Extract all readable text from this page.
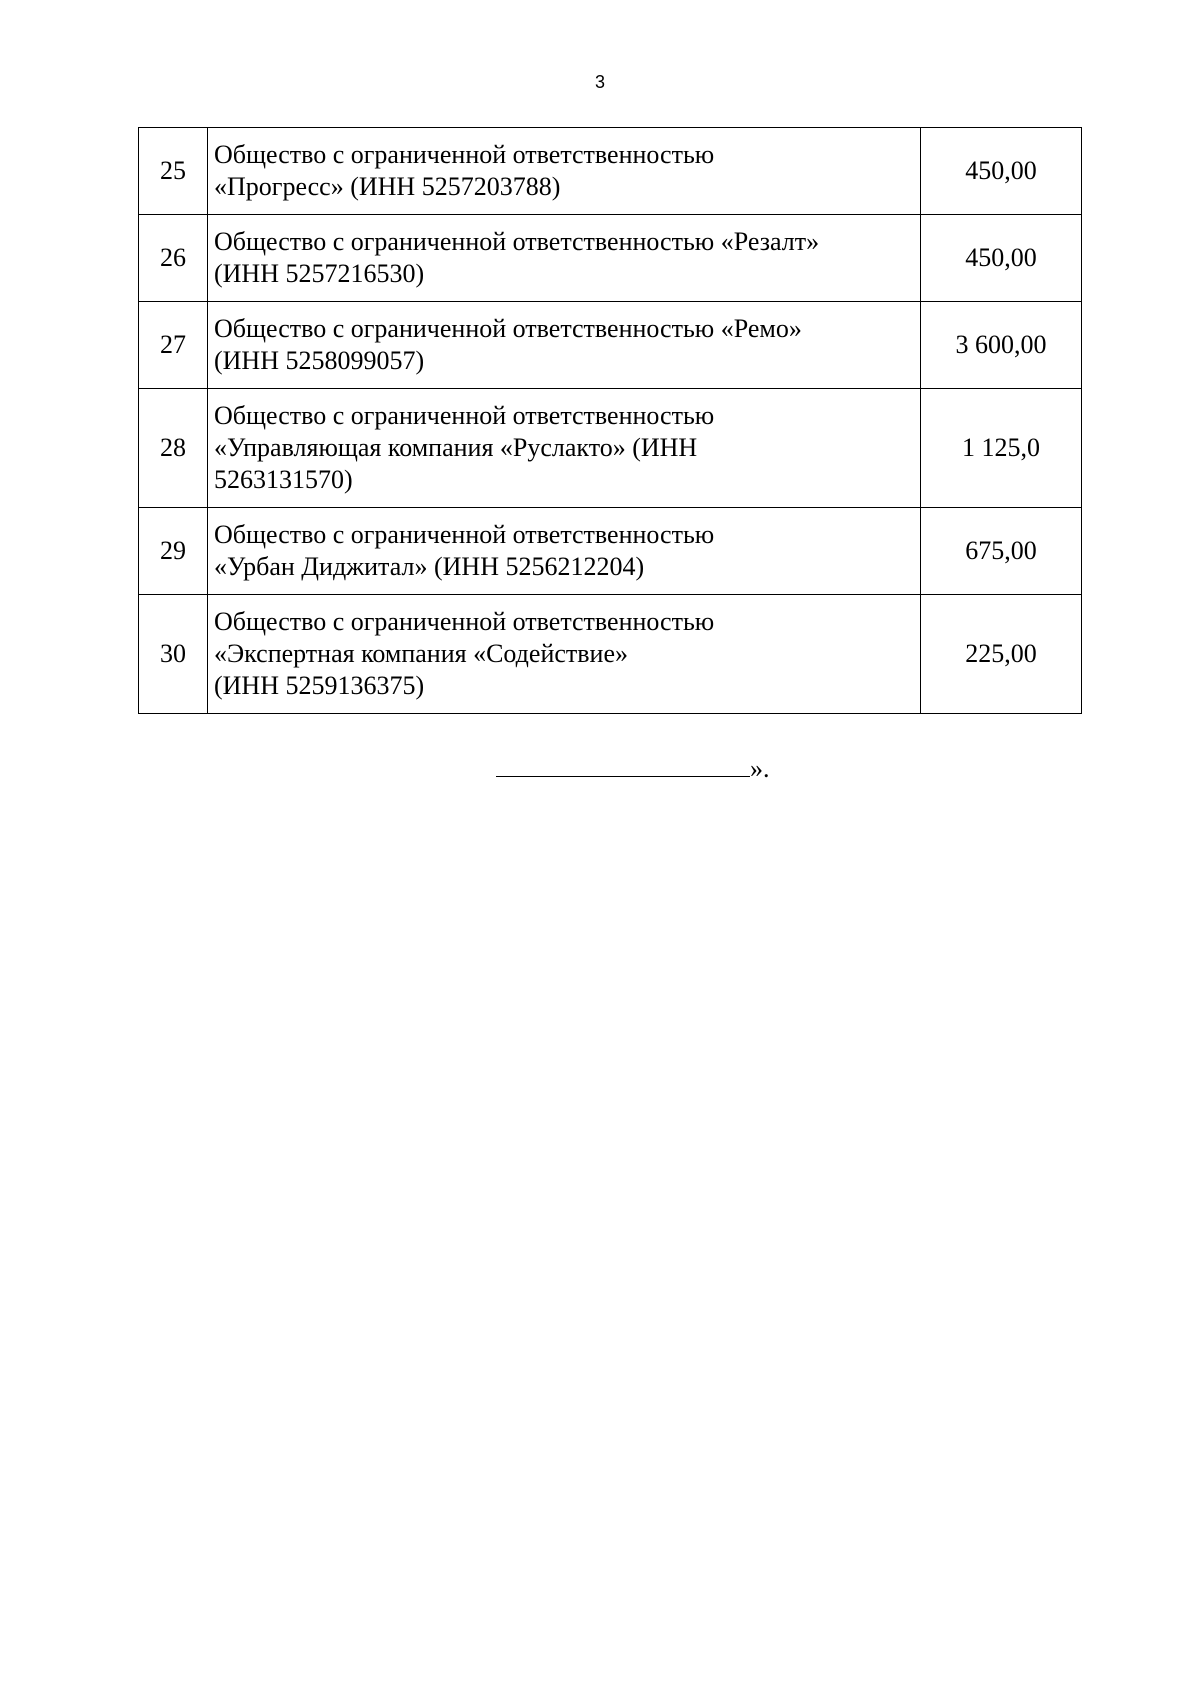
3
25	Общество с ограниченной ответственностью
«Прогресс» (ИНН 5257203788)	450,00
26	Общество с ограниченной ответственностью «Резалт»
(ИНН 5257216530)	450,00
27	Общество с ограниченной ответственностью «Ремо»
(ИНН 5258099057)	3 600,00
28	Общество с ограниченной ответственностью
«Управляющая компания «Руслакто» (ИНН
5263131570)	1 125,0
29	Общество с ограниченной ответственностью
«Урбан Диджитал» (ИНН 5256212204)	675,00
30	Общество с ограниченной ответственностью
«Экспертная компания «Содействие»
(ИНН 5259136375)	225,00
».
